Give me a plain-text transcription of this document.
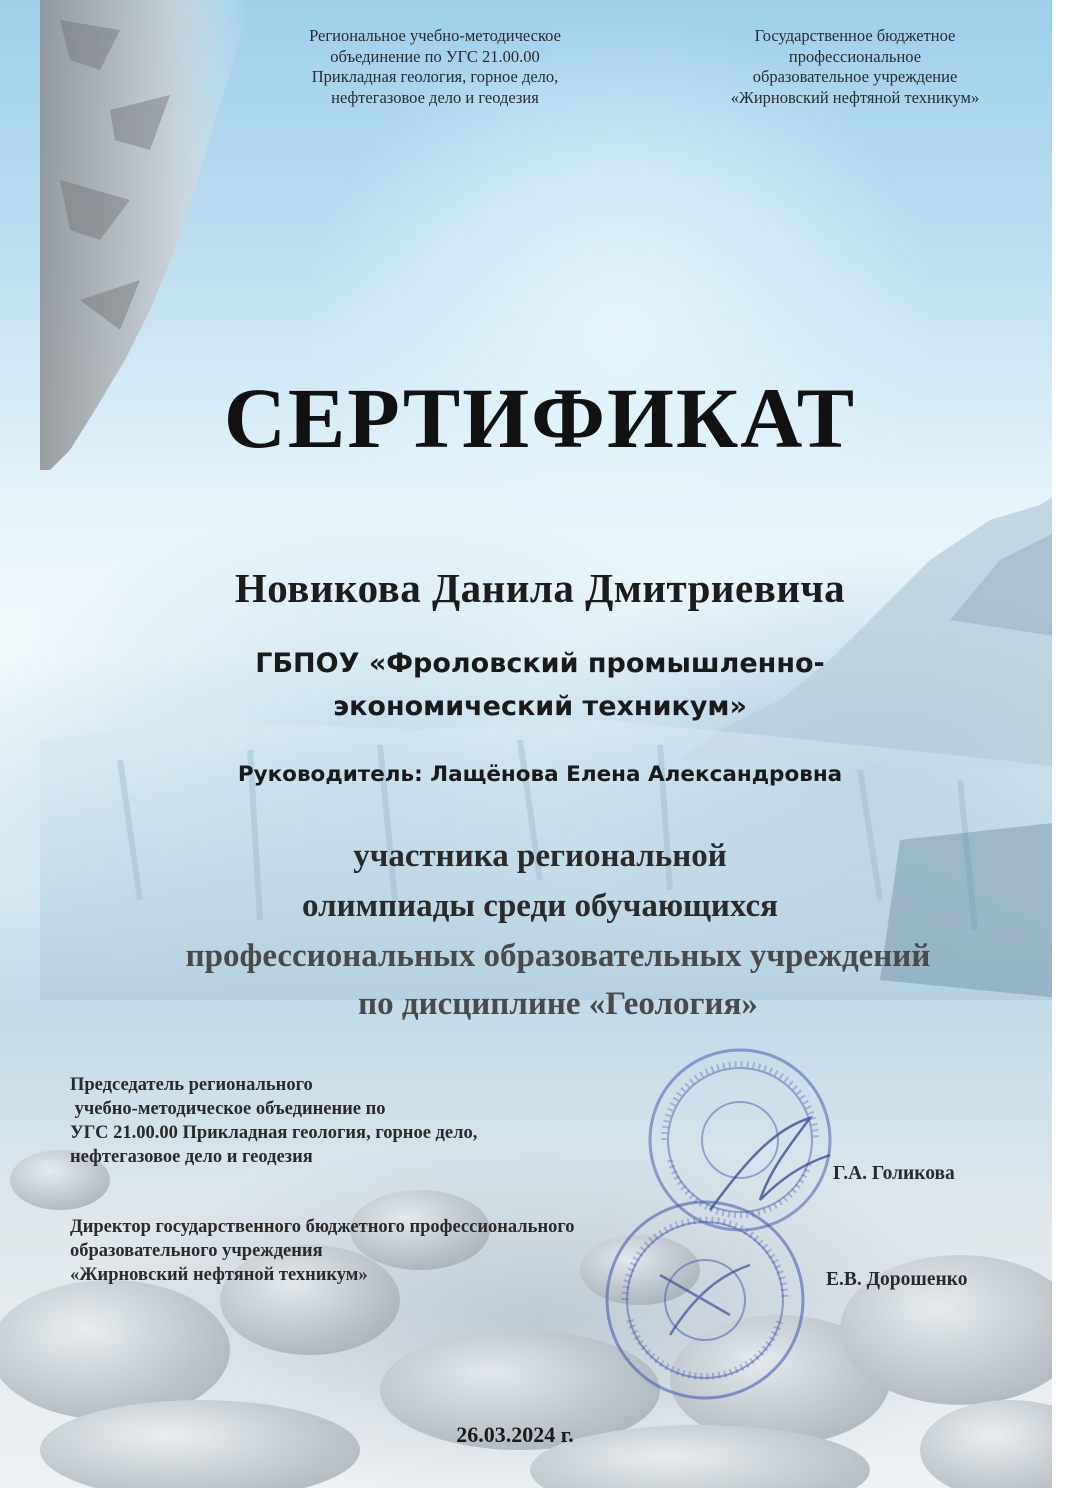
Региональное учебно-методическое
объединение по УГС 21.00.00
Прикладная геология, горное дело,
нефтегазовое дело и геодезия
Государственное бюджетное
профессиональное
образовательное учреждение
«Жирновский нефтяной техникум»
СЕРТИФИКАТ
Новикова Данила Дмитриевича
ГБПОУ «Фроловский промышленно-
экономический техникум»
Руководитель: Лащёнова Елена Александровна
участника региональной
олимпиады среди обучающихся
профессиональных образовательных учреждений
по дисциплине «Геология»
Председатель регионального
учебно-методическое объединение по
УГС 21.00.00 Прикладная геология, горное дело,
нефтегазовое дело и геодезия
Г.А. Голикова
Директор государственного бюджетного профессионального
образовательного учреждения
«Жирновский нефтяной техникум»	Е.В. Дорошенко
26.03.2024 г.
